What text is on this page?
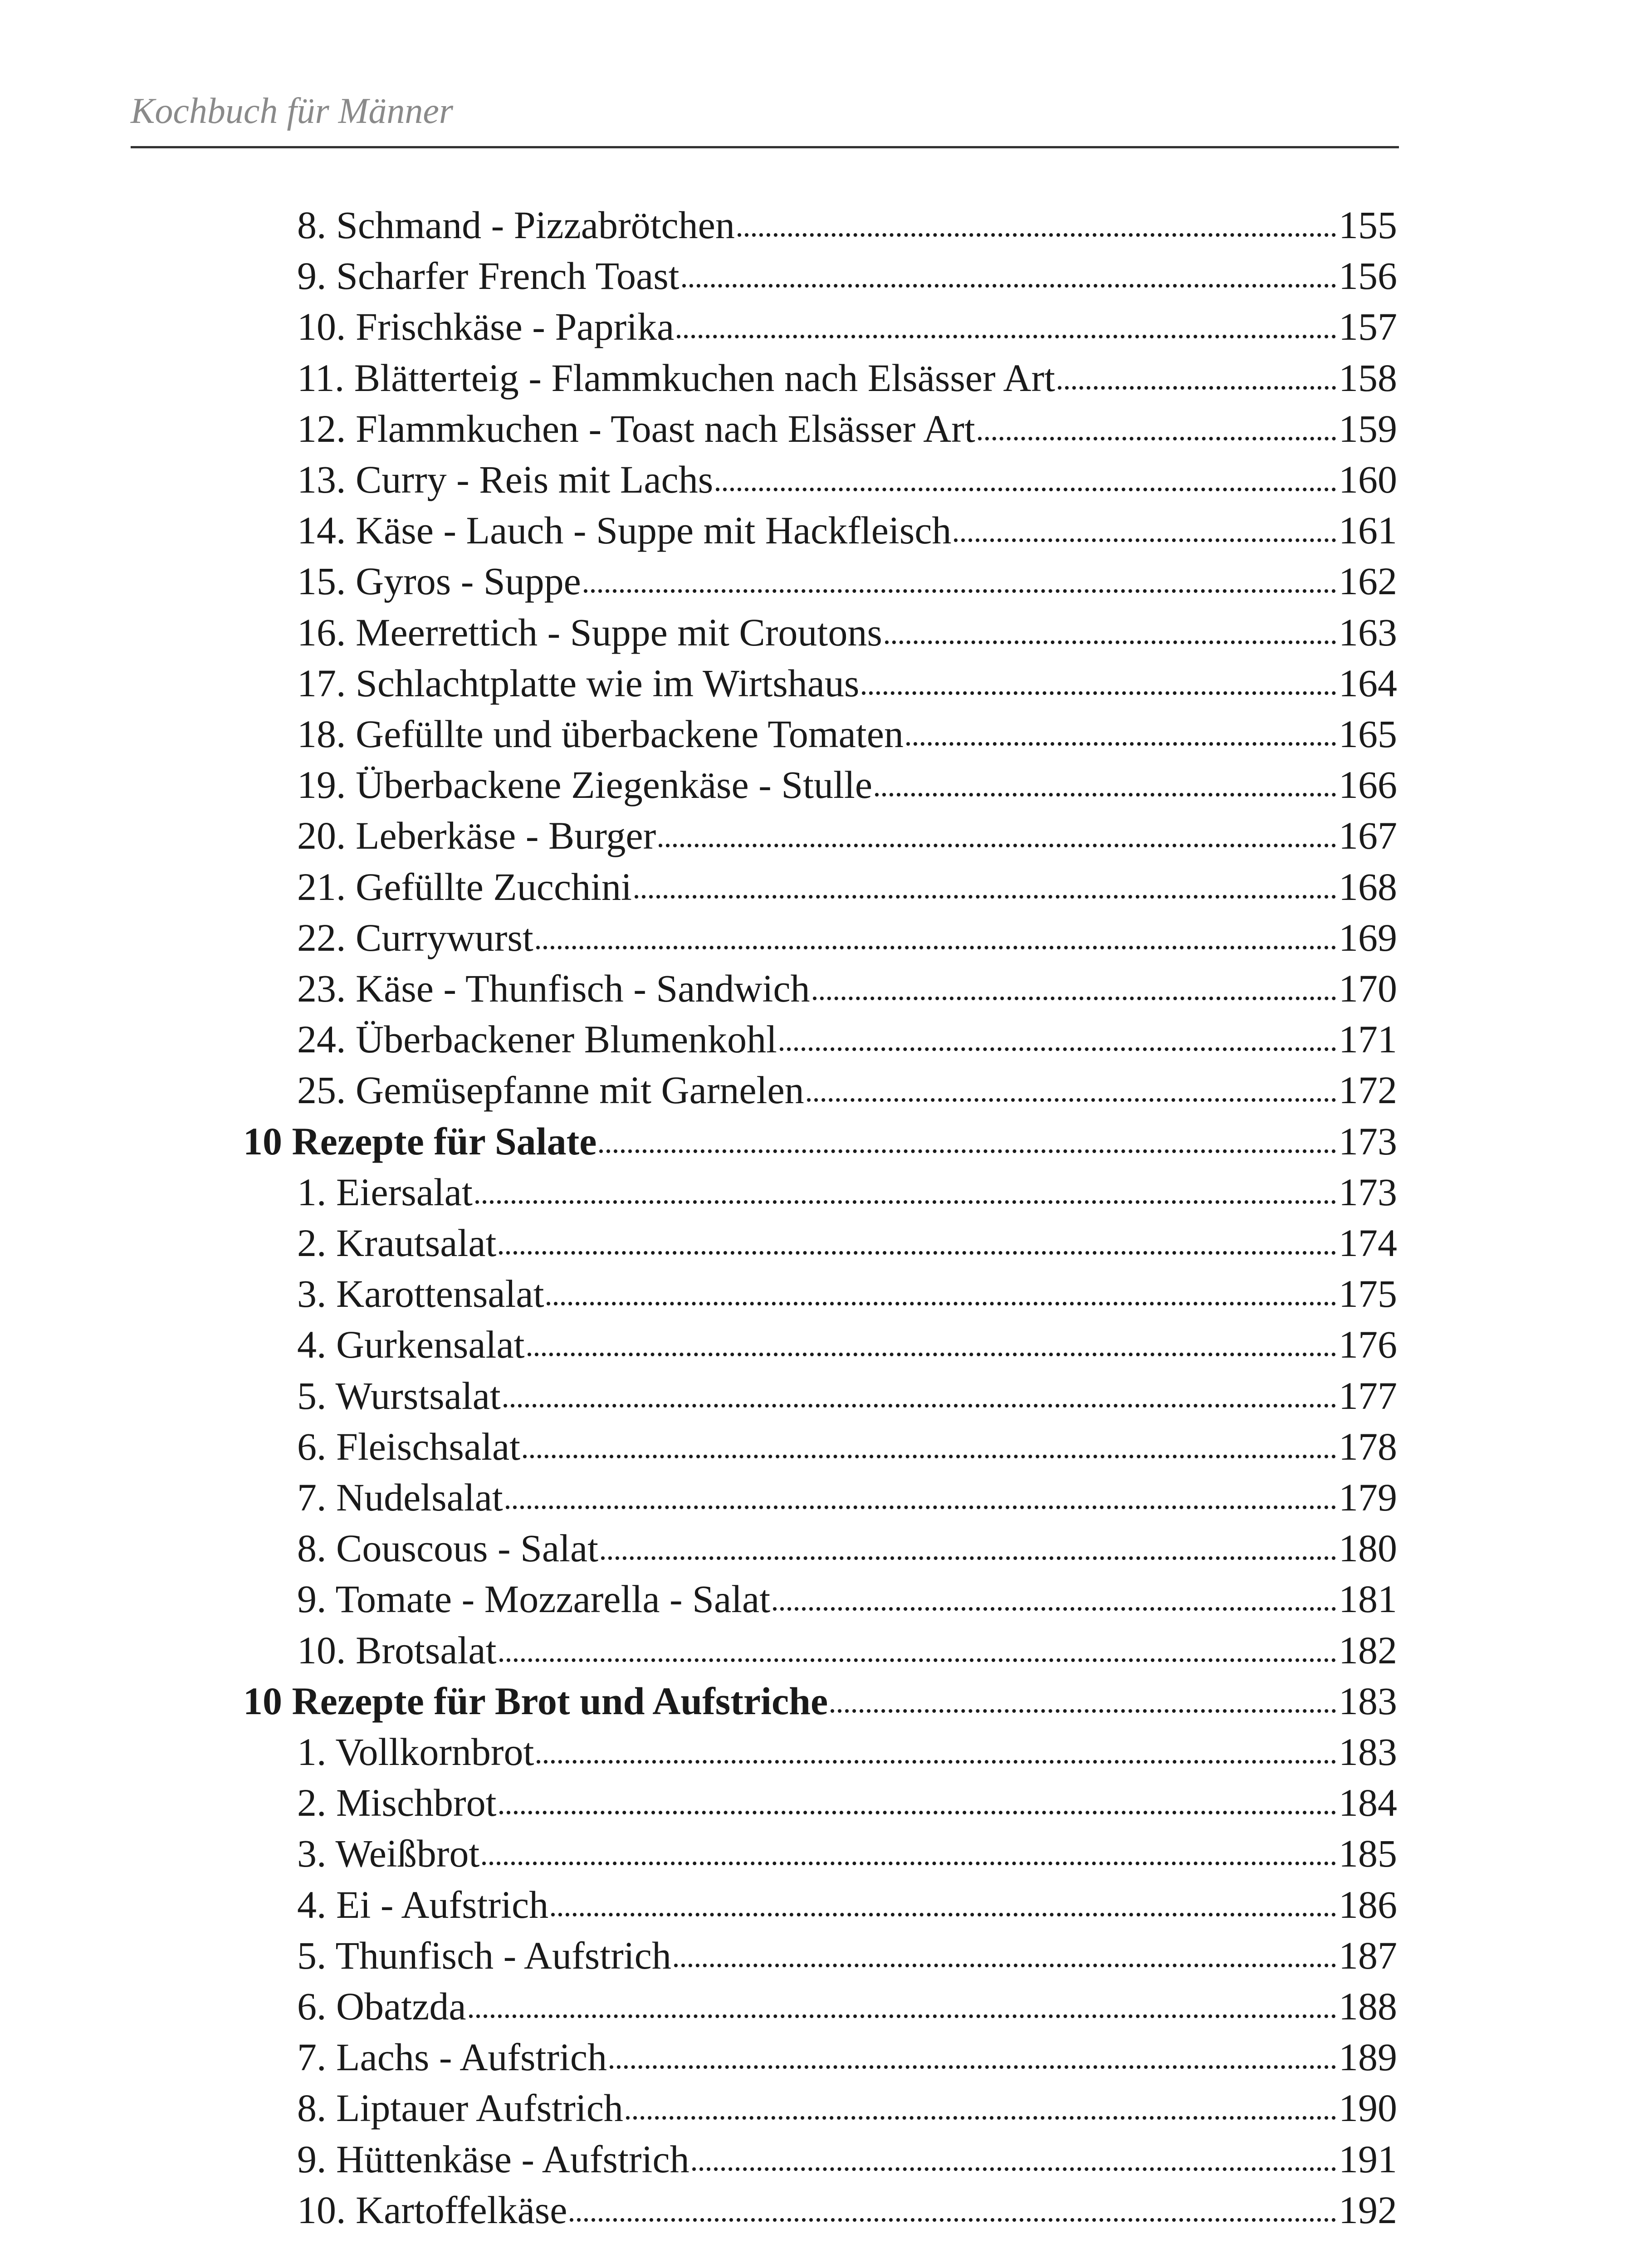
Kochbuch für Männer
8. Schmand - Pizzabrötchen	155
9. Scharfer French Toast	156
10. Frischkäse - Paprika	157
11. Blätterteig - Flammkuchen nach Elsässer Art	158
12. Flammkuchen - Toast nach Elsässer Art	159
13. Curry - Reis mit Lachs	160
14. Käse - Lauch - Suppe mit Hackfleisch	161
15. Gyros - Suppe	162
16. Meerrettich - Suppe mit Croutons	163
17. Schlachtplatte wie im Wirtshaus	164
18. Gefüllte und überbackene Tomaten	165
19. Überbackene Ziegenkäse - Stulle	166
20. Leberkäse - Burger	167
21. Gefüllte Zucchini	168
22. Currywurst	169
23. Käse - Thunfisch - Sandwich	170
24. Überbackener Blumenkohl	171
25. Gemüsepfanne mit Garnelen	172
10 Rezepte für Salate	173
1. Eiersalat	173
2. Krautsalat	174
3. Karottensalat	175
4. Gurkensalat	176
5. Wurstsalat	177
6. Fleischsalat	178
7. Nudelsalat	179
8. Couscous - Salat	180
9. Tomate - Mozzarella - Salat	181
10. Brotsalat	182
10 Rezepte für Brot und Aufstriche	183
1. Vollkornbrot	183
2. Mischbrot	184
3. Weißbrot	185
4. Ei - Aufstrich	186
5. Thunfisch - Aufstrich	187
6. Obatzda	188
7. Lachs - Aufstrich	189
8. Liptauer Aufstrich	190
9. Hüttenkäse - Aufstrich	191
10. Kartoffelkäse	192
